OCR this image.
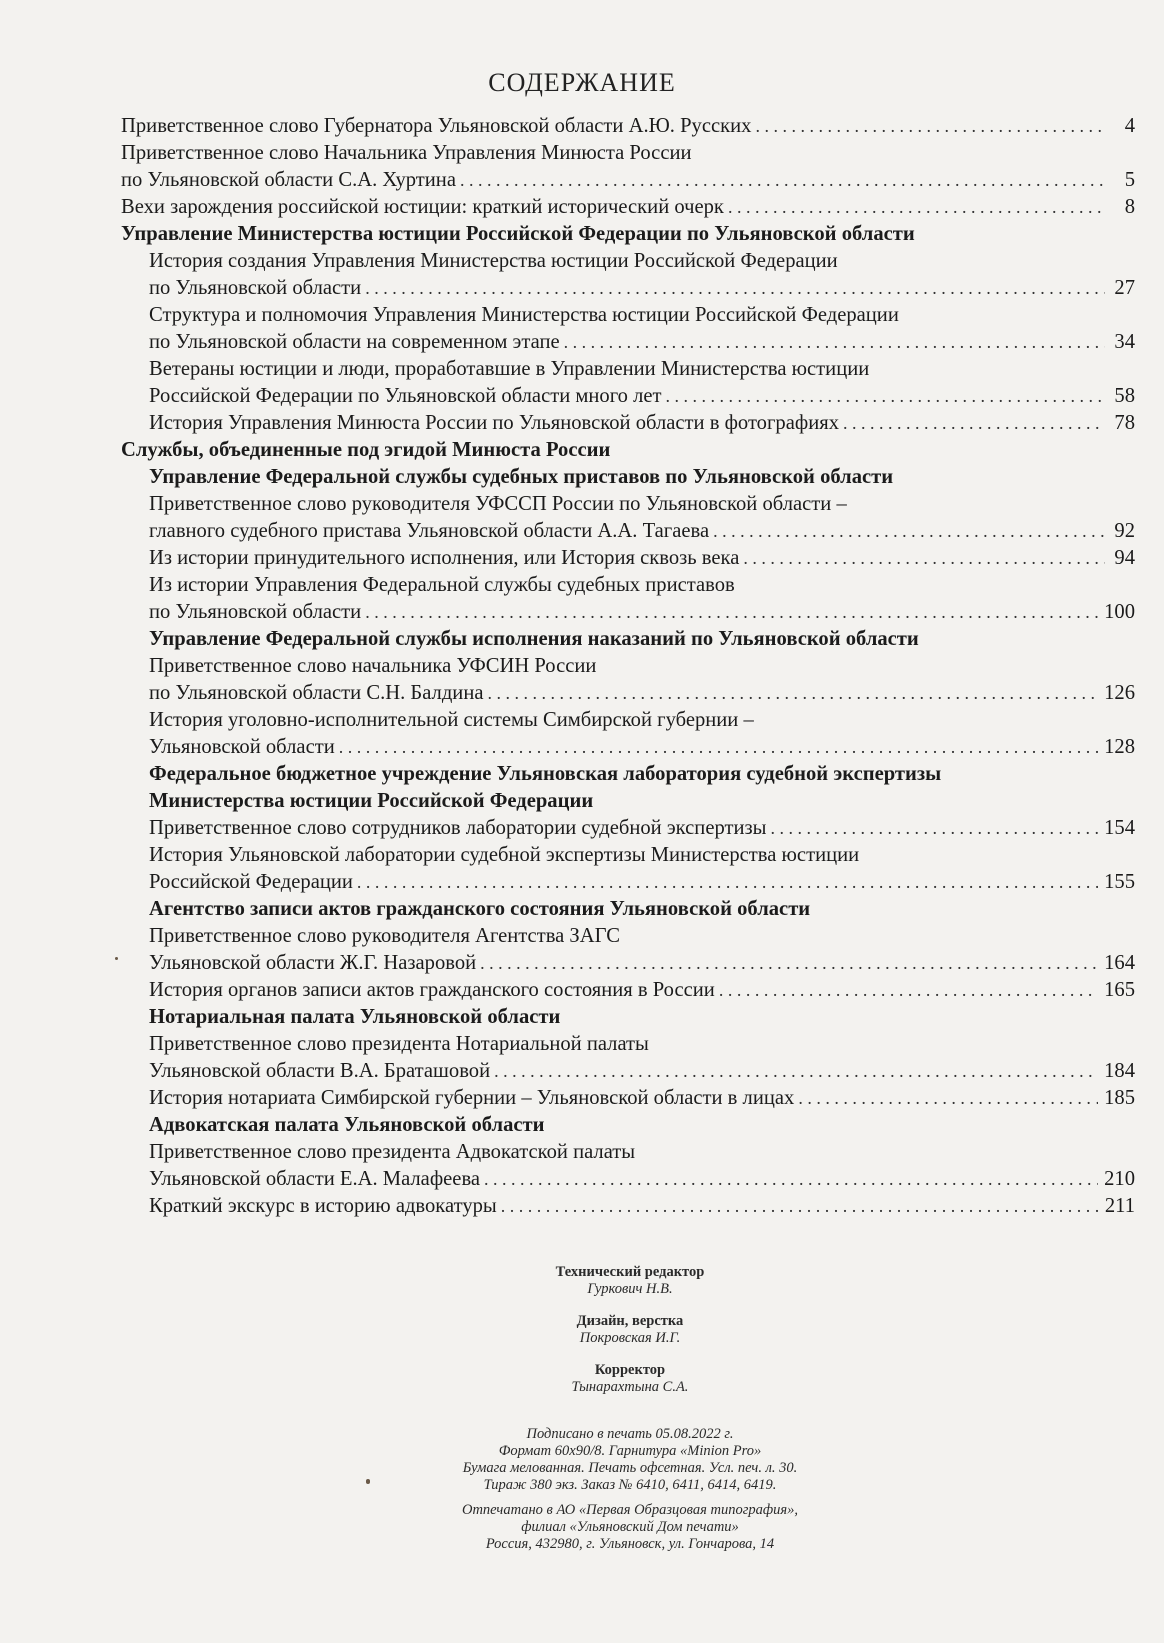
СОДЕРЖАНИЕ
Приветственное слово Губернатора Ульяновской области А.Ю. Русских . . .	4
Приветственное слово Начальника Управления Минюста России
по Ульяновской области С.А. Хуртина . . .	5
Вехи зарождения российской юстиции: краткий исторический очерк . . .	8
Управление Министерства юстиции Российской Федерации по Ульяновской области
История создания Управления Министерства юстиции Российской Федерации
по Ульяновской области . . .	27
Структура и полномочия Управления Министерства юстиции Российской Федерации
по Ульяновской области на современном этапе . . .	34
Ветераны юстиции и люди, проработавшие в Управлении Министерства юстиции
Российской Федерации по Ульяновской области много лет . . .	58
История Управления Минюста России по Ульяновской области в фотографиях . . .	78
Службы, объединенные под эгидой Минюста России
Управление Федеральной службы судебных приставов по Ульяновской области
Приветственное слово руководителя УФССП России по Ульяновской области –
главного судебного пристава Ульяновской области А.А. Тагаева . . .	92
Из истории принудительного исполнения, или История сквозь века . . .	94
Из истории Управления Федеральной службы судебных приставов
по Ульяновской области . . .	100
Управление Федеральной службы исполнения наказаний по Ульяновской области
Приветственное слово начальника УФСИН России
по Ульяновской области С.Н. Балдина . . .	126
История уголовно-исполнительной системы Симбирской губернии –
Ульяновской области . . .	128
Федеральное бюджетное учреждение Ульяновская лаборатория судебной экспертизы
Министерства юстиции Российской Федерации
Приветственное слово сотрудников лаборатории судебной экспертизы . . .	154
История Ульяновской лаборатории судебной экспертизы Министерства юстиции
Российской Федерации . . .	155
Агентство записи актов гражданского состояния Ульяновской области
Приветственное слово руководителя Агентства ЗАГС
Ульяновской области Ж.Г. Назаровой . . .	164
История органов записи актов гражданского состояния в России . . .	165
Нотариальная палата Ульяновской области
Приветственное слово президента Нотариальной палаты
Ульяновской области В.А. Браташовой . . .	184
История нотариата Симбирской губернии – Ульяновской области в лицах . . .	185
Адвокатская палата Ульяновской области
Приветственное слово президента Адвокатской палаты
Ульяновской области Е.А. Малафеева . . .	210
Краткий экскурс в историю адвокатуры . . .	211
Технический редактор
Гуркович Н.В.
Дизайн, верстка
Покровская И.Г.
Корректор
Тынарахтына С.А.
Подписано в печать 05.08.2022 г.
Формат 60х90/8. Гарнитура «Minion Pro»
Бумага мелованная. Печать офсетная. Усл. печ. л. 30.
Тираж 380 экз. Заказ № 6410, 6411, 6414, 6419.
Отпечатано в АО «Первая Образцовая типография»,
филиал «Ульяновский Дом печати»
Россия, 432980, г. Ульяновск, ул. Гончарова, 14
